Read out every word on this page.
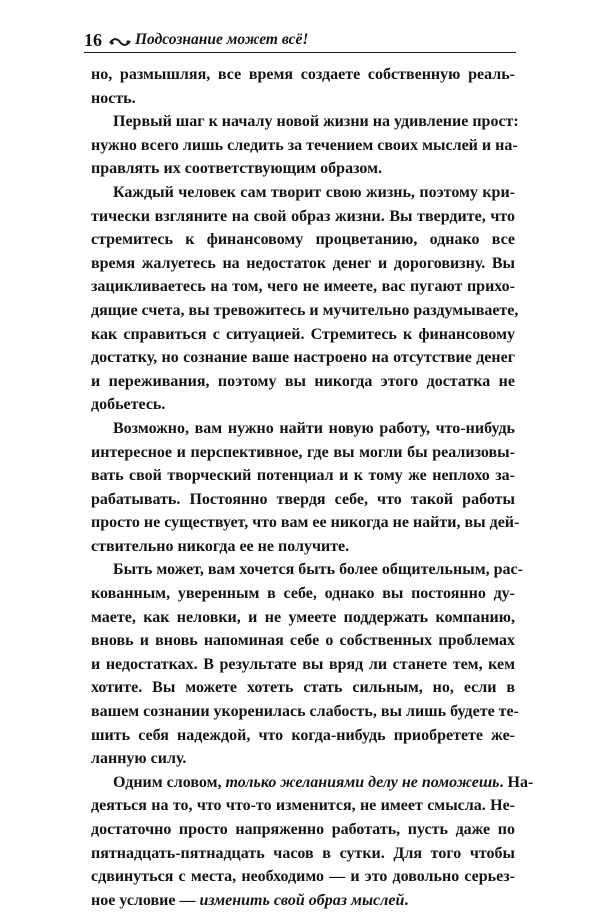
16 Подсознание может всё!

но, размышляя, все время создаете собственную реаль-
ность.

Первый шаг к началу новой жизни на удивление прост:
нужно всего лишь следить за течением своих мыслей и на-
правлять их соответствующим образом.

Каждый человек сам творит свою жизнь, поэтому кри-
тически взгляните на свой образ жизни. Вы твердите, что
стремитесь к финансовому процветанию, однако все
время жалуетесь на недостаток денег и дороговизну. Вы
зацикливаетесь на том, чего не имеете, вас пугают прихо-
дящие счета, вы тревожитесь и мучительно раздумываете,
как справиться с ситуацией. Стремитесь к финансовому
достатку, но сознание ваше настроено на отсутствие денег
и переживания, поэтому вы никогда этого достатка не
добьетесь.

Возможно, вам нужно найти новую работу, что-нибудь
интересное и перспективное, где вы могли бы реализовы-
вать свой творческий потенциал и к тому же неплохо за-
рабатывать. Постоянно твердя себе, что такой работы
просто не существует, что вам ее никогда не найти, вы дей-
ствительно никогда ее не получите.

Быть может, вам хочется быть более общительным, рас-
кованным, уверенным в себе, однако вы постоянно ду-
маете, как неловки, и не умеете поддержать компанию,
вновь и вновь напоминая себе о собственных проблемах
и недостатках. В результате вы вряд ли станете тем, кем
хотите. Вы можете хотеть стать сильным, но, если в
вашем сознании укоренилась слабость, вы лишь будете те-
шить себя надеждой, что когда-нибудь приобретете же-
ланную силу.

Одним словом, только желаниями делу не поможешь. На-
деяться на то, что что-то изменится, не имеет смысла. Не-
достаточно просто напряженно работать, пусть даже по
пятнадцать-пятнадцать часов в сутки. Для того чтобы
сдвинуться с места, необходимо — и это довольно серьез-
ное условие — изменить свой образ мыслей.
